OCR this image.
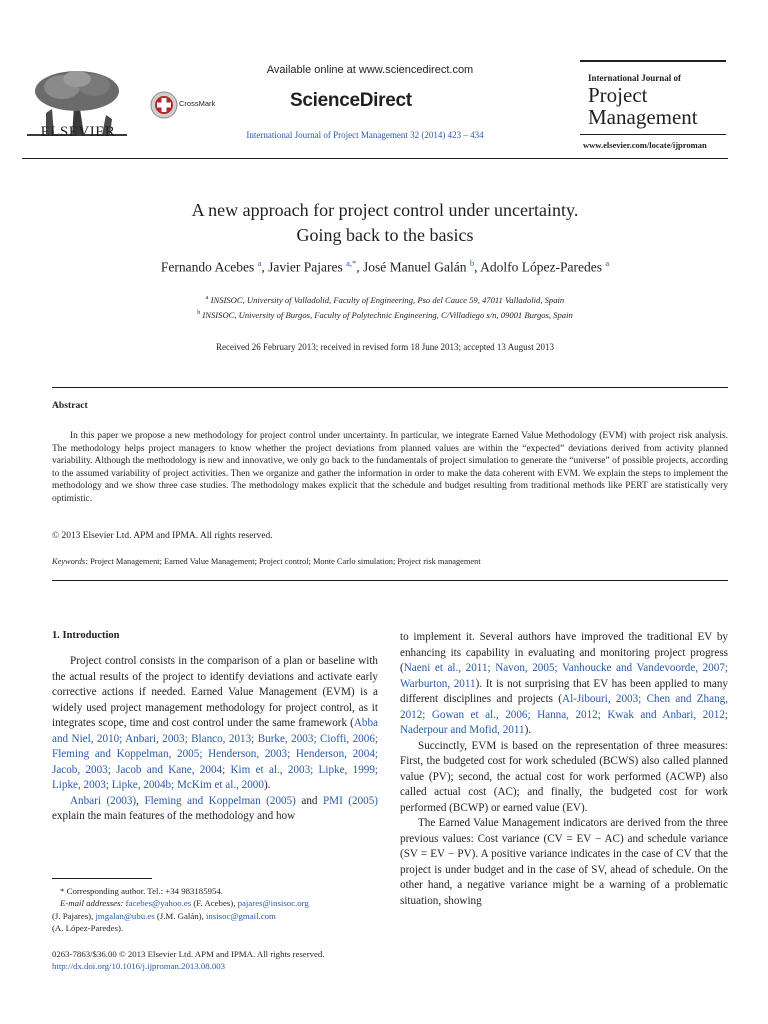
ELSEVIER
Available online at www.sciencedirect.com
CrossMark	ScienceDirect
International Journal of Project Management 32 (2014) 423 – 434
International Journal of
Project
Management
www.elsevier.com/locate/ijproman
A new approach for project control under uncertainty.
Going back to the basics
Fernando Acebes $^a$, Javier Pajares $^{a,*}$, José Manuel Galán $^b$, Adolfo López-Paredes $^a$
$^a$ INSISOC, University of Valladolid, Faculty of Engineering, Pso del Cauce 59, 47011 Valladolid, Spain
$^b$ INSISOC, University of Burgos, Faculty of Polytechnic Engineering, C/Villadiego s/n, 09001 Burgos, Spain
Received 26 February 2013; received in revised form 18 June 2013; accepted 13 August 2013
Abstract

In this paper we propose a new methodology for project control under uncertainty. In particular, we integrate Earned Value Methodology (EVM) with project risk analysis. The methodology helps project managers to know whether the project deviations from planned values are within the “expected” deviations derived from activity planned variability. Although the methodology is new and innovative, we only go back to the fundamentals of project simulation to generate the “universe” of possible projects, according to the assumed variability of project activities. Then we organize and gather the information in order to make the data coherent with EVM. We explain the steps to implement the methodology and we show three case studies. The methodology makes explicit that the schedule and budget resulting from traditional methods like PERT are statistically very optimistic.

© 2013 Elsevier Ltd. APM and IPMA. All rights reserved.
Keywords: Project Management; Earned Value Management; Project control; Monte Carlo simulation; Project risk management
1. Introduction

Project control consists in the comparison of a plan or baseline with the actual results of the project to identify deviations and activate early corrective actions if needed. Earned Value Management (EVM) is a widely used project management methodology for project control, as it integrates scope, time and cost control under the same framework (Abba and Niel, 2010; Anbari, 2003; Blanco, 2013; Burke, 2003; Cioffi, 2006; Fleming and Koppelman, 2005; Henderson, 2003; Henderson, 2004; Jacob, 2003; Jacob and Kane, 2004; Kim et al., 2003; Lipke, 1999; Lipke, 2003; Lipke, 2004b; McKim et al., 2000).

Anbari (2003), Fleming and Koppelman (2005) and PMI (2005) explain the main features of the methodology and how

to implement it. Several authors have improved the traditional EV by enhancing its capability in evaluating and monitoring project progress (Naeni et al., 2011; Navon, 2005; Vanhoucke and Vandevoorde, 2007; Warburton, 2011). It is not surprising that EV has been applied to many different disciplines and projects (Al-Jibouri, 2003; Chen and Zhang, 2012; Gowan et al., 2006; Hanna, 2012; Kwak and Anbari, 2012; Naderpour and Mofid, 2011).

Succinctly, EVM is based on the representation of three measures: First, the budgeted cost for work scheduled (BCWS) also called planned value (PV); second, the actual cost for work performed (ACWP) also called actual cost (AC); and finally, the budgeted cost for work performed (BCWP) or earned value (EV).

The Earned Value Management indicators are derived from the three previous values: Cost variance (CV = EV − AC) and schedule variance (SV = EV − PV). A positive variance indicates in the case of CV that the project is under budget and in the case of SV, ahead of schedule. On the other hand, a negative variance might be a warning of a problematic situation, showing

* Corresponding author. Tel.: +34 983185954.
E-mail addresses: facebes@yahoo.es (F. Acebes), pajares@insisoc.org
(J. Pajares), jmgalan@ubu.es (J.M. Galán), insisoc@gmail.com
(A. López-Paredes).
0263-7863/$36.00 © 2013 Elsevier Ltd. APM and IPMA. All rights reserved.
http://dx.doi.org/10.1016/j.ijproman.2013.08.003
